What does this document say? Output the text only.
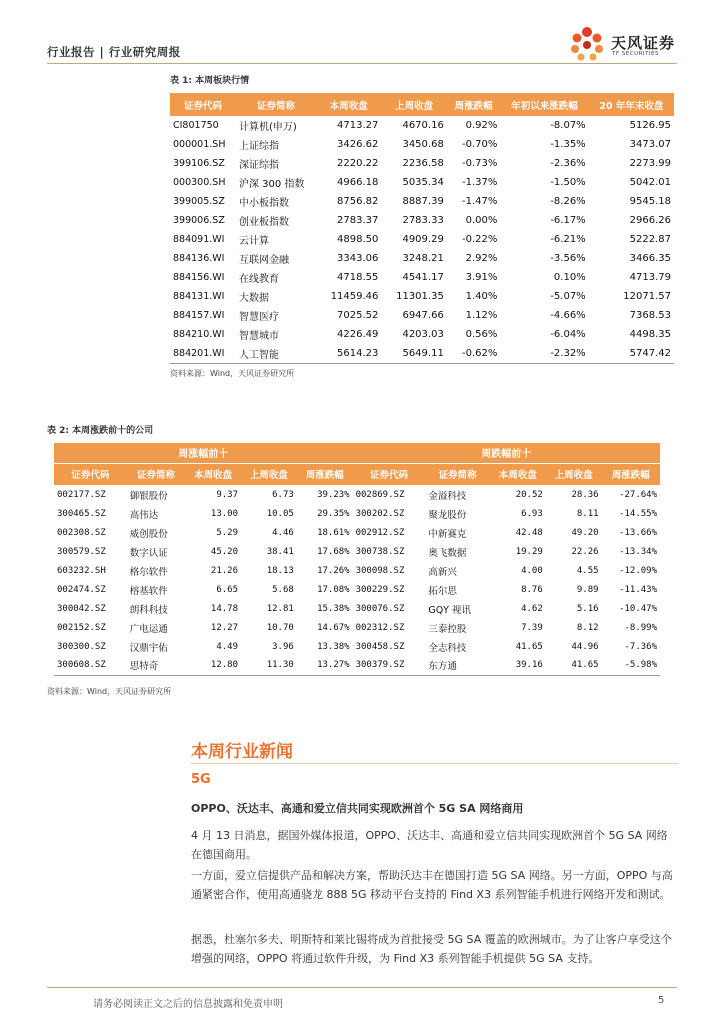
行业报告 | 行业研究周报	天风证券
TF SECURITIES
表 1: 本周板块行情
证券代码	证券简称	本周收盘	上周收盘	周涨跌幅	年初以来涨跌幅	20 年年末收盘
CI801750	计算机(申万)	4713.27	4670.16	0.92%	-8.07%	5126.95
000001.SH	上证综指	3426.62	3450.68	-0.70%	-1.35%	3473.07
399106.SZ	深证综指	2220.22	2236.58	-0.73%	-2.36%	2273.99
000300.SH	沪深 300 指数	4966.18	5035.34	-1.37%	-1.50%	5042.01
399005.SZ	中小板指数	8756.82	8887.39	-1.47%	-8.26%	9545.18
399006.SZ	创业板指数	2783.37	2783.33	0.00%	-6.17%	2966.26
884091.WI	云计算	4898.50	4909.29	-0.22%	-6.21%	5222.87
884136.WI	互联网金融	3343.06	3248.21	2.92%	-3.56%	3466.35
884156.WI	在线教育	4718.55	4541.17	3.91%	0.10%	4713.79
884131.WI	大数据	11459.46	11301.35	1.40%	-5.07%	12071.57
884157.WI	智慧医疗	7025.52	6947.66	1.12%	-4.66%	7368.53
884210.WI	智慧城市	4226.49	4203.03	0.56%	-6.04%	4498.35
884201.WI	人工智能	5614.23	5649.11	-0.62%	-2.32%	5747.42
资料来源：Wind，天风证券研究所
表 2: 本周涨跌前十的公司
周涨幅前十					周跌幅前十				
证券代码	证券简称	本周收盘	上周收盘	周涨跌幅	证券代码	证券简称	本周收盘	上周收盘	周涨跌幅
002177.SZ	御银股份	9.37	6.73	39.23%	002869.SZ	金溢科技	20.52	28.36	-27.64%
300465.SZ	高伟达	13.00	10.05	29.35%	300202.SZ	聚龙股份	6.93	8.11	-14.55%
002308.SZ	威创股份	5.29	4.46	18.61%	002912.SZ	中新赛克	42.48	49.20	-13.66%
300579.SZ	数字认证	45.20	38.41	17.68%	300738.SZ	奥飞数据	19.29	22.26	-13.34%
603232.SH	格尔软件	21.26	18.13	17.26%	300098.SZ	高新兴	4.00	4.55	-12.09%
002474.SZ	榕基软件	6.65	5.68	17.08%	300229.SZ	拓尔思	8.76	9.89	-11.43%
300042.SZ	朗科科技	14.78	12.81	15.38%	300076.SZ	GQY 视讯	4.62	5.16	-10.47%
002152.SZ	广电运通	12.27	10.70	14.67%	002312.SZ	三泰控股	7.39	8.12	-8.99%
300300.SZ	汉鼎宇佑	4.49	3.96	13.38%	300458.SZ	全志科技	41.65	44.96	-7.36%
300608.SZ	思特奇	12.80	11.30	13.27%	300379.SZ	东方通	39.16	41.65	-5.98%
资料来源：Wind，天风证券研究所
本周行业新闻
5G
OPPO、沃达丰、高通和爱立信共同实现欧洲首个 5G SA 网络商用
4 月 13 日消息，据国外媒体报道，OPPO、沃达丰、高通和爱立信共同实现欧洲首个 5G SA 网络在德国商用。
一方面，爱立信提供产品和解决方案，帮助沃达丰在德国打造 5G SA 网络。另一方面，OPPO 与高通紧密合作，使用高通骁龙 888 5G 移动平台支持的 Find X3 系列智能手机进行网络开发和测试。
据悉，杜塞尔多夫、明斯特和莱比锡将成为首批接受 5G SA 覆盖的欧洲城市。为了让客户享受这个增强的网络，OPPO 将通过软件升级，为 Find X3 系列智能手机提供 5G SA 支持。
请务必阅读正文之后的信息披露和免责申明	5
